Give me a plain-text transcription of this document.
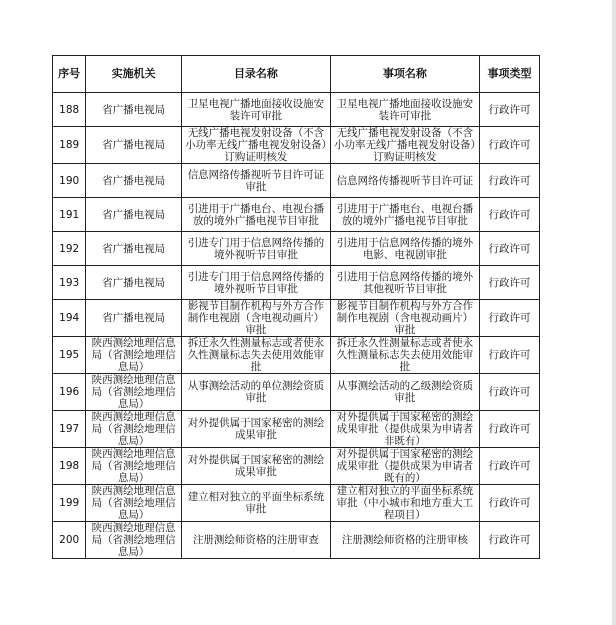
序号	实施机关	目录名称	事项名称	事项类型
188	省广播电视局	卫星电视广播地面接收设施安装许可审批	卫星电视广播地面接收设施安装许可审批	行政许可
189	省广播电视局	无线广播电视发射设备（不含小功率无线广播电视发射设备）订购证明核发	无线广播电视发射设备（不含小功率无线广播电视发射设备）订购证明核发	行政许可
190	省广播电视局	信息网络传播视听节目许可证审批	信息网络传播视听节目许可证	行政许可
191	省广播电视局	引进用于广播电台、电视台播放的境外广播电视节目审批	引进用于广播电台、电视台播放的境外广播电视节目审批	行政许可
192	省广播电视局	引进专门用于信息网络传播的境外视听节目审批	引进用于信息网络传播的境外电影、电视剧审批	行政许可
193	省广播电视局	引进专门用于信息网络传播的境外视听节目审批	引进用于信息网络传播的境外其他视听节目审批	行政许可
194	省广播电视局	影视节目制作机构与外方合作制作电视剧（含电视动画片）审批	影视节目制作机构与外方合作制作电视剧（含电视动画片）审批	行政许可
195	陕西测绘地理信息局（省测绘地理信息局）	拆迁永久性测量标志或者使永久性测量标志失去使用效能审批	拆迁永久性测量标志或者使永久性测量标志失去使用效能审批	行政许可
196	陕西测绘地理信息局（省测绘地理信息局）	从事测绘活动的单位测绘资质审批	从事测绘活动的乙级测绘资质审批	行政许可
197	陕西测绘地理信息局（省测绘地理信息局）	对外提供属于国家秘密的测绘成果审批	对外提供属于国家秘密的测绘成果审批（提供成果为申请者非既有）	行政许可
198	陕西测绘地理信息局（省测绘地理信息局）	对外提供属于国家秘密的测绘成果审批	对外提供属于国家秘密的测绘成果审批（提供成果为申请者既有的）	行政许可
199	陕西测绘地理信息局（省测绘地理信息局）	建立相对独立的平面坐标系统审批	建立相对独立的平面坐标系统审批（中小城市和地方重大工程项目）	行政许可
200	陕西测绘地理信息局（省测绘地理信息局）	注册测绘师资格的注册审查	注册测绘师资格的注册审核	行政许可
